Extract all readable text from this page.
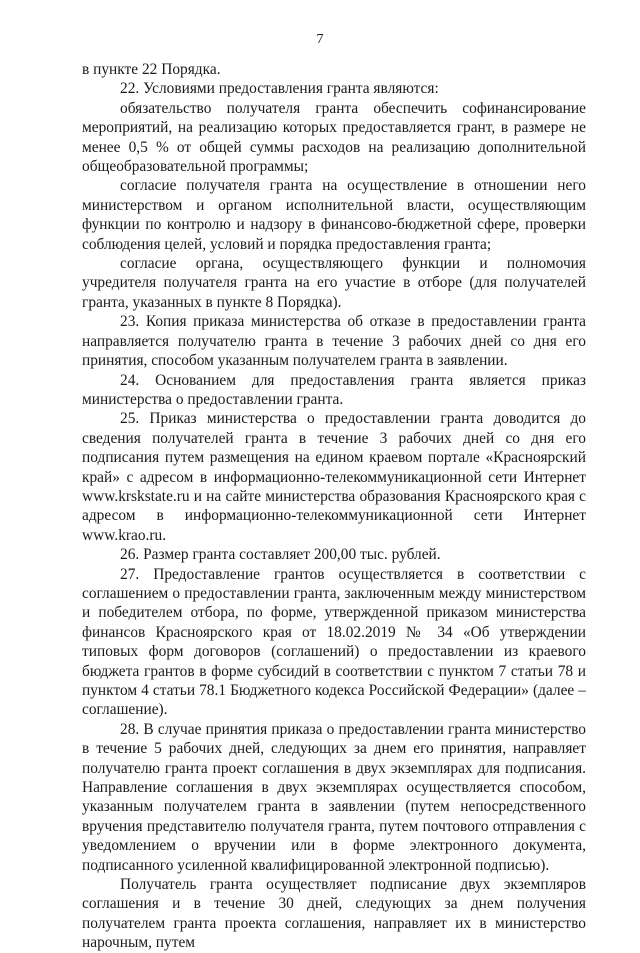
7

в пункте 22 Порядка.

22. Условиями предоставления гранта являются:

обязательство получателя гранта обеспечить софинансирование мероприятий, на реализацию которых предоставляется грант, в размере не менее 0,5 % от общей суммы расходов на реализацию дополнительной общеобразовательной программы;

согласие получателя гранта на осуществление в отношении него министерством и органом исполнительной власти, осуществляющим функции по контролю и надзору в финансово-бюджетной сфере, проверки соблюдения целей, условий и порядка предоставления гранта;

согласие органа, осуществляющего функции и полномочия учредителя получателя гранта на его участие в отборе (для получателей гранта, указанных в пункте 8 Порядка).

23. Копия приказа министерства об отказе в предоставлении гранта направляется получателю гранта в течение 3 рабочих дней со дня его принятия, способом указанным получателем гранта в заявлении.

24. Основанием для предоставления гранта является приказ министерства о предоставлении гранта.

25. Приказ министерства о предоставлении гранта доводится до сведения получателей гранта в течение 3 рабочих дней со дня его подписания путем размещения на едином краевом портале «Красноярский край» с адресом в информационно-телекоммуникационной сети Интернет www.krskstate.ru и на сайте министерства образования Красноярского края с адресом в информационно-телекоммуникационной сети Интернет www.krao.ru.

26. Размер гранта составляет 200,00 тыс. рублей.

27. Предоставление грантов осуществляется в соответствии с соглашением о предоставлении гранта, заключенным между министерством и победителем отбора, по форме, утвержденной приказом министерства финансов Красноярского края от 18.02.2019 № 34 «Об утверждении типовых форм договоров (соглашений) о предоставлении из краевого бюджета грантов в форме субсидий в соответствии с пунктом 7 статьи 78 и пунктом 4 статьи 78.1 Бюджетного кодекса Российской Федерации» (далее – соглашение).

28. В случае принятия приказа о предоставлении гранта министерство в течение 5 рабочих дней, следующих за днем его принятия, направляет получателю гранта проект соглашения в двух экземплярах для подписания. Направление соглашения в двух экземплярах осуществляется способом, указанным получателем гранта в заявлении (путем непосредственного вручения представителю получателя гранта, путем почтового отправления с уведомлением о вручении или в форме электронного документа, подписанного усиленной квалифицированной электронной подписью).

Получатель гранта осуществляет подписание двух экземпляров соглашения и в течение 30 дней, следующих за днем получения получателем гранта проекта соглашения, направляет их в министерство нарочным, путем
